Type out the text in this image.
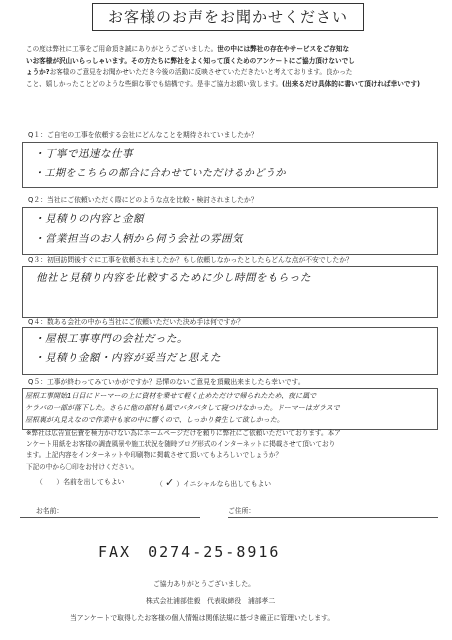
お客様のお声をお聞かせください
この度は弊社に工事をご用命頂き誠にありがとうございました。世の中には弊社の存在やサービスをご存知な
いお客様が沢山いらっしゃいます。その方たちに弊社をよく知って頂くためのアンケートにご協力頂けないでし
ょうか?お客様のご意見をお聞かせいただき今後の活動に反映させていただきたいと考えております。良かった
こと、嬉しかったことどのような些細な事でも結構です。是非ご協力お願い致します。(出来るだけ具体的に書いて頂ければ幸いです)
Q１：ご自宅の工事を依頼する会社にどんなことを期待されていましたか？
・丁寧で迅速な仕事
・工期をこちらの都合に合わせていただけるかどうか
Q２：当社にご依頼いただく際にどのような点を比較・検討されましたか？
・見積りの内容と金額
・営業担当のお人柄から伺う会社の雰囲気
Q３：初回訪問後すぐに工事を依頼されましたか？もし依頼しなかったとしたらどんな点が不安でしたか？
他社と見積り内容を比較するために少し時間をもらった
Q４：数ある会社の中から当社にご依頼いただいた決め手は何ですか？
・屋根工事専門の会社だった。
・見積り金額・内容が妥当だと思えた
Q５：工事が終わってみていかがですか？忌憚のないご意見を頂戴出来ましたら幸いです。
屋根工事開始1日目にドーマーの上に資材を乗せて軽く止めただけで帰られたため、夜に風で
ケラバの一部が落下した。さらに他の部材も風でバタバタして寝つけなかった。ドーマーはガラスで
屋根裏が丸見えなので作業中も家の中に響くので、しっかり養生して欲しかった。
※弊社は広告宣伝費を極力かけない為にホームページだけを頼りに弊社にご依頼いただいております。本ア
ンケート用紙をお客様の調査風景や施工状況を随時ブログ形式のインターネットに掲載させて頂いており
ます。上記内容をインターネットや印刷物に掲載させて頂いてもよろしいでしょうか？
下記の中から〇印をお付けください。
（　　）名前を出してもよい	（ ✓ ）イニシャルなら出してもよい
お名前：	ご住所：
FAX　0274-25-8916
ご協力ありがとうございました。
株式会社浦部佳毅　代表取締役　浦部孝二
当アンケートで取得したお客様の個人情報は関係法規に基づき厳正に管理いたします。
